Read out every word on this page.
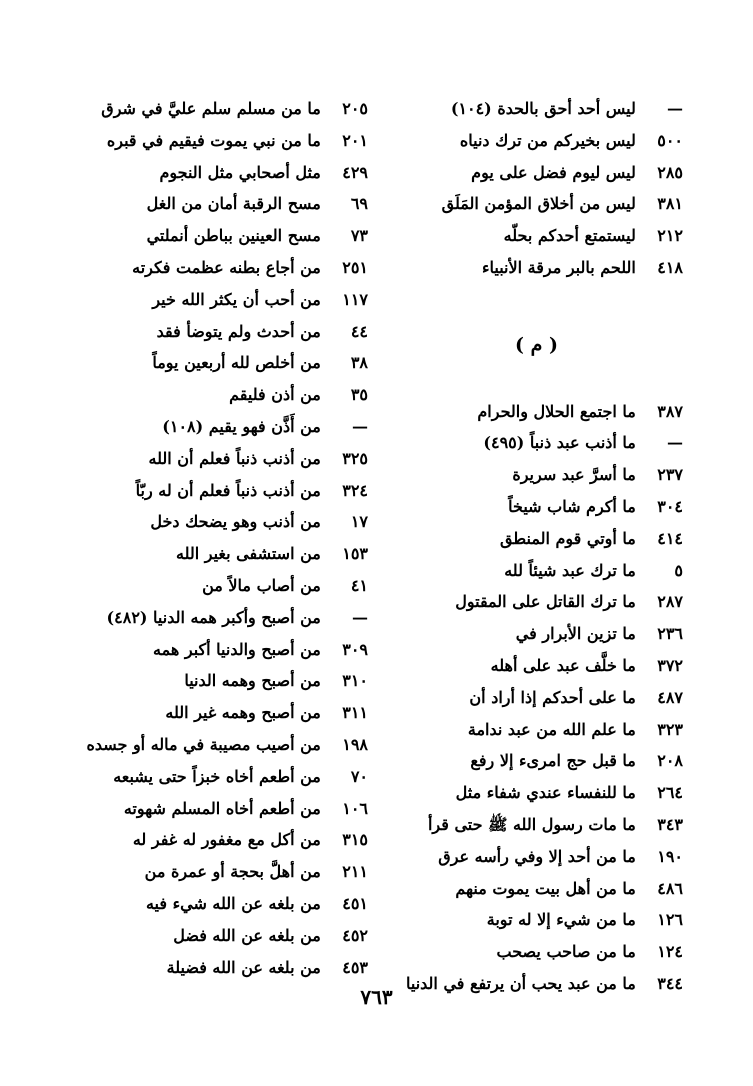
—  ليس أحد أحق بالحدة (١٠٤)
٥٠٠  ليس بخيركم من ترك دنياه
٢٨٥  ليس ليوم فضل على يوم
٣٨١  ليس من أخلاق المؤمن المَلَق
٢١٢  ليستمتع أحدكم بحلّه
٤١٨  اللحم بالبر مرقة الأنبياء
( م )
٣٨٧  ما اجتمع الحلال والحرام
—  ما أذنب عبد ذنباً (٤٩٥)
٢٣٧  ما أسرَّ عبد سريرة
٣٠٤  ما أكرم شاب شيخاً
٤١٤  ما أوتي قوم المنطق
٥  ما ترك عبد شيئاً لله
٢٨٧  ما ترك القاتل على المقتول
٢٣٦  ما تزين الأبرار في
٣٧٢  ما خلَّف عبد على أهله
٤٨٧  ما على أحدكم إذا أراد أن
٣٢٣  ما علم الله من عبد ندامة
٢٠٨  ما قبل حج امرىء إلا رفع
٢٦٤  ما للنفساء عندي شفاء مثل
٣٤٣  ما مات رسول الله ﷺ حتى قرأ
١٩٠  ما من أحد إلا وفي رأسه عرق
٤٨٦  ما من أهل بيت يموت منهم
١٢٦  ما من شيء إلا له توبة
١٢٤  ما من صاحب يصحب
٣٤٤  ما من عبد يحب أن يرتفع في الدنيا
٢٠٥  ما من مسلم سلم عليَّ في شرق
٢٠١  ما من نبي يموت فيقيم في قبره
٤٢٩  مثل أصحابي مثل النجوم
٦٩  مسح الرقبة أمان من الغل
٧٣  مسح العينين بباطن أنملتي
٢٥١  من أجاع بطنه عظمت فكرته
١١٧  من أحب أن يكثر الله خير
٤٤  من أحدث ولم يتوضأ فقد
٣٨  من أخلص لله أربعين يوماً
٣٥  من أذن فليقم
—  من أَذَّن فهو يقيم (١٠٨)
٣٢٥  من أذنب ذنباً فعلم أن الله
٣٢٤  من أذنب ذنباً فعلم أن له ربّاً
١٧  من أذنب وهو يضحك دخل
١٥٣  من استشفى بغير الله
٤١  من أصاب مالاً من
—  من أصبح وأكبر همه الدنيا (٤٨٢)
٣٠٩  من أصبح والدنيا أكبر همه
٣١٠  من أصبح وهمه الدنيا
٣١١  من أصبح وهمه غير الله
١٩٨  من أصيب مصيبة في ماله أو جسده
٧٠  من أطعم أخاه خبزاً حتى يشبعه
١٠٦  من أطعم أخاه المسلم شهوته
٣١٥  من أكل مع مغفور له غفر له
٢١١  من أهلَّ بحجة أو عمرة من
٤٥١  من بلغه عن الله شيء فيه
٤٥٢  من بلغه عن الله فضل
٤٥٣  من بلغه عن الله فضيلة
٧٦٣
